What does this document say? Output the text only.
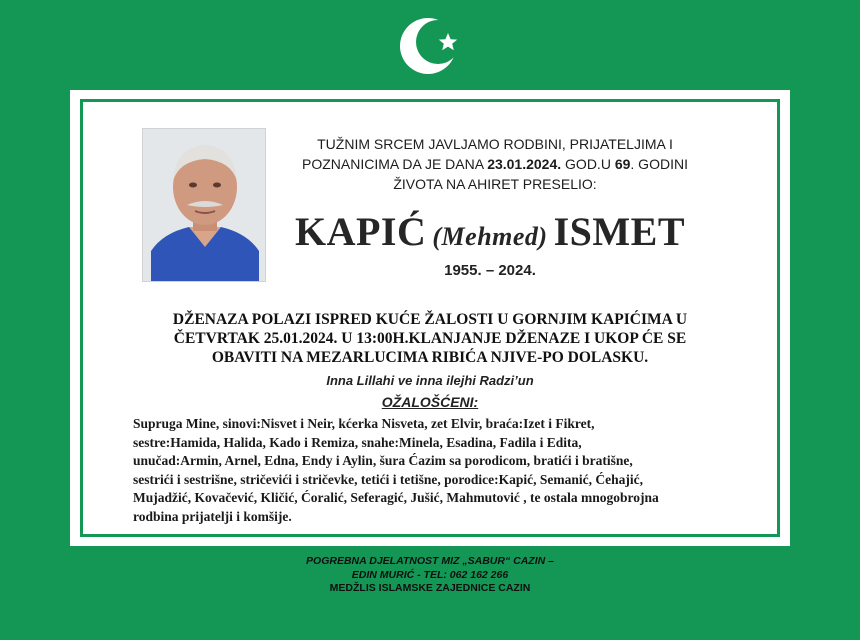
TUŽNIM SRCEM JAVLJAMO RODBINI, PRIJATELJIMA I
POZNANICIMA DA JE DANA 23.01.2024. GOD.U 69. GODINI
ŽIVOTA NA AHIRET PRESELIO:
KAPIĆ (Mehmed) ISMET
1955. – 2024.
DŽENAZA POLAZI ISPRED KUĆE ŽALOSTI U GORNJIM KAPIĆIMA U
ČETVRTAK 25.01.2024. U 13:00H.KLANJANJE DŽENAZE I UKOP ĆE SE
OBAVITI NA MEZARLUCIMA RIBIĆA NJIVE-PO DOLASKU.
Inna Lillahi ve inna ilejhi Radzi’un
OŽALOŠĆENI:
Supruga Mine, sinovi:Nisvet i Neir, kćerka Nisveta, zet Elvir, braća:Izet i Fikret,
sestre:Hamida, Halida, Kado i Remiza, snahe:Minela, Esadina, Fadila i Edita,
unučad:Armin, Arnel, Edna, Endy i Aylin, šura Ćazim sa porodicom, bratići i bratišne,
sestrići i sestrišne, stričevići i stričevke, tetići i tetišne, porodice:Kapić, Semanić, Ćehajić,
Mujadžić, Kovačević, Kličić, Ćoralić, Seferagić, Jušić, Mahmutović , te ostala mnogobrojna
rodbina prijatelji i komšije.
POGREBNA DJELATNOST MIZ „SABUR“ CAZIN –
EDIN MURIĆ - TEL: 062 162 266
MEDŽLIS ISLAMSKE ZAJEDNICE CAZIN
